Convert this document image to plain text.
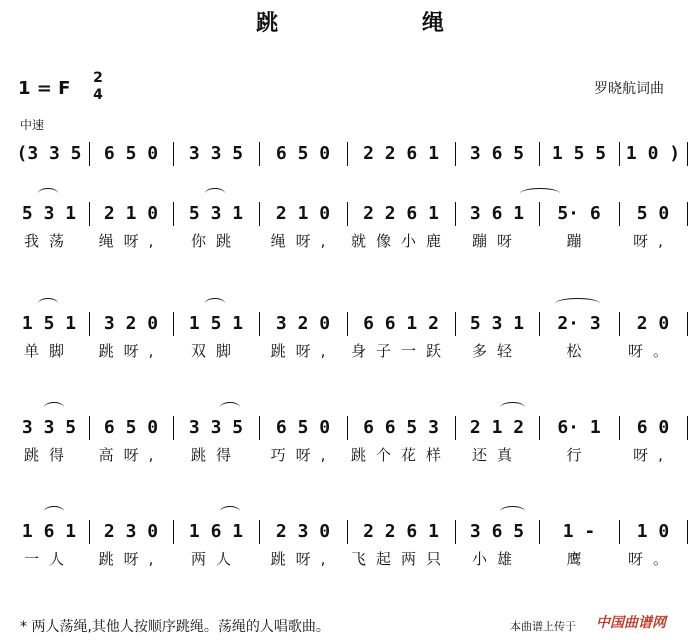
跳 绳
1 = F	2
4	罗晓航词曲
中速
(3 3 5	6 5 0	3 3 5	6 5 0	2 2 6 1	3 6 5	1 5 5	1 0 )
5 3 1	2 1 0	5 3 1	2 1 0	2 2 6 1	3 6 1	5· 6	5 0
我荡	绳呀,	你跳	绳呀,	就像小鹿	蹦呀	蹦	呀,
1 5 1	3 2 0	1 5 1	3 2 0	6 6 1 2	5 3 1	2· 3	2 0
单脚	跳呀,	双脚	跳呀,	身子一跃	多轻	松	呀。
3 3 5	6 5 0	3 3 5	6 5 0	6 6 5 3	2 1 2	6· 1	6 0
跳得	高呀,	跳得	巧呀,	跳个花样	还真	行	呀,
1 6 1	2 3 0	1 6 1	2 3 0	2 2 6 1	3 6 5	1 -	1 0
一人	跳呀,	两人	跳呀,	飞起两只	小雄	鹰	呀。
* 两人荡绳,其他人按顺序跳绳。荡绳的人唱歌曲。	本曲谱上传于 中国曲谱网
